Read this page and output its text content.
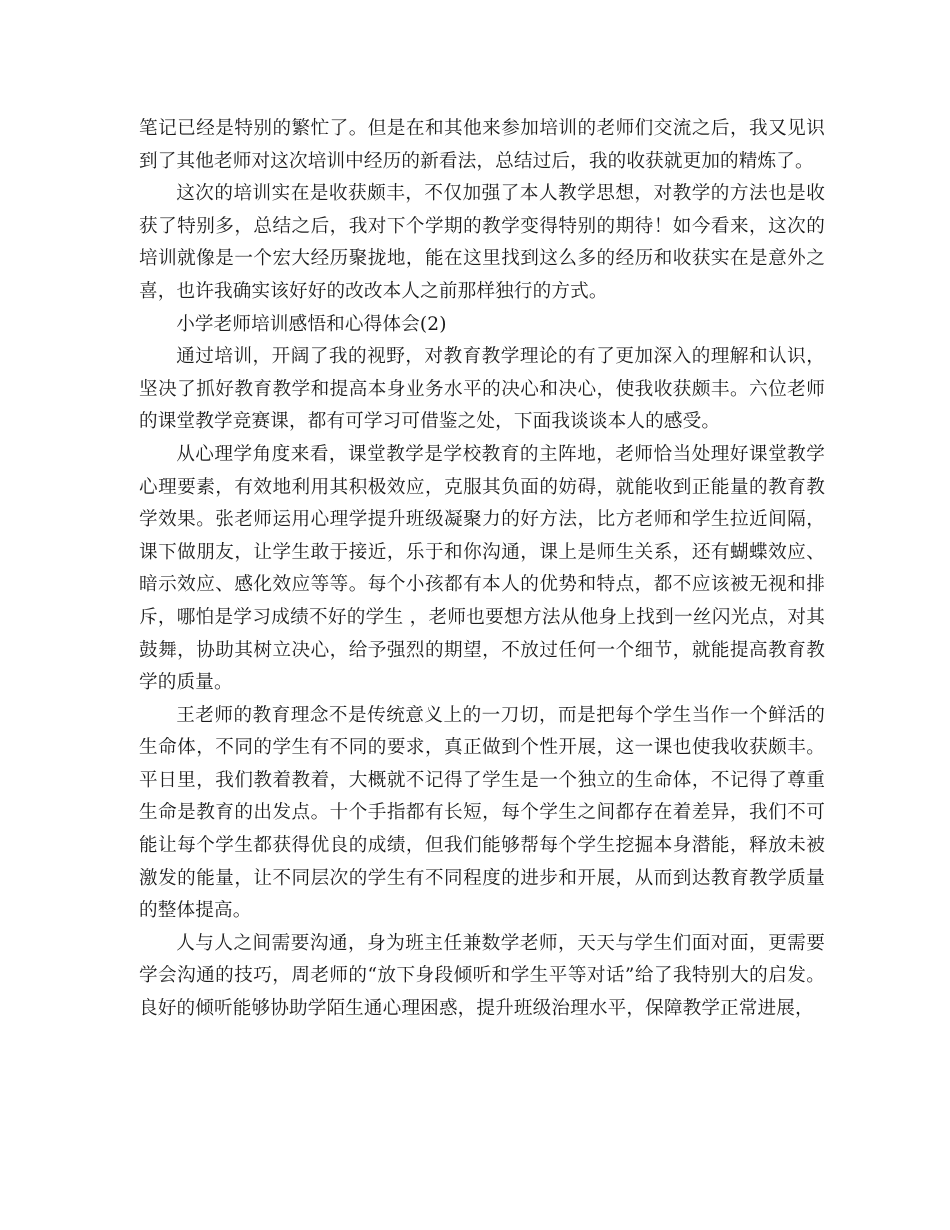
笔记已经是特别的繁忙了。但是在和其他来参加培训的老师们交流之后，我又见识到了其他老师对这次培训中经历的新看法，总结过后，我的收获就更加的精炼了。

这次的培训实在是收获颇丰，不仅加强了本人教学思想，对教学的方法也是收获了特别多，总结之后，我对下个学期的教学变得特别的期待！如今看来，这次的培训就像是一个宏大经历聚拢地，能在这里找到这么多的经历和收获实在是意外之喜，也许我确实该好好的改改本人之前那样独行的方式。

小学老师培训感悟和心得体会(2)

通过培训，开阔了我的视野，对教育教学理论的有了更加深入的理解和认识，坚决了抓好教育教学和提高本身业务水平的决心和决心，使我收获颇丰。六位老师的课堂教学竞赛课，都有可学习可借鉴之处，下面我谈谈本人的感受。

从心理学角度来看，课堂教学是学校教育的主阵地，老师恰当处理好课堂教学心理要素，有效地利用其积极效应，克服其负面的妨碍，就能收到正能量的教育教学效果。张老师运用心理学提升班级凝聚力的好方法，比方老师和学生拉近间隔，课下做朋友，让学生敢于接近，乐于和你沟通，课上是师生关系，还有蝴蝶效应、暗示效应、感化效应等等。每个小孩都有本人的优势和特点，都不应该被无视和排斥，哪怕是学习成绩不好的学生 ，老师也要想方法从他身上找到一丝闪光点，对其鼓舞，协助其树立决心，给予强烈的期望，不放过任何一个细节，就能提高教育教学的质量。

王老师的教育理念不是传统意义上的一刀切，而是把每个学生当作一个鲜活的生命体，不同的学生有不同的要求，真正做到个性开展，这一课也使我收获颇丰。平日里，我们教着教着，大概就不记得了学生是一个独立的生命体，不记得了尊重生命是教育的出发点。十个手指都有长短，每个学生之间都存在着差异，我们不可能让每个学生都获得优良的成绩，但我们能够帮每个学生挖掘本身潜能，释放未被激发的能量，让不同层次的学生有不同程度的进步和开展，从而到达教育教学质量的整体提高。

人与人之间需要沟通，身为班主任兼数学老师，天天与学生们面对面，更需要学会沟通的技巧，周老师的“放下身段倾听和学生平等对话”给了我特别大的启发。良好的倾听能够协助学陌生通心理困惑，提升班级治理水平，保障教学正常进展，
